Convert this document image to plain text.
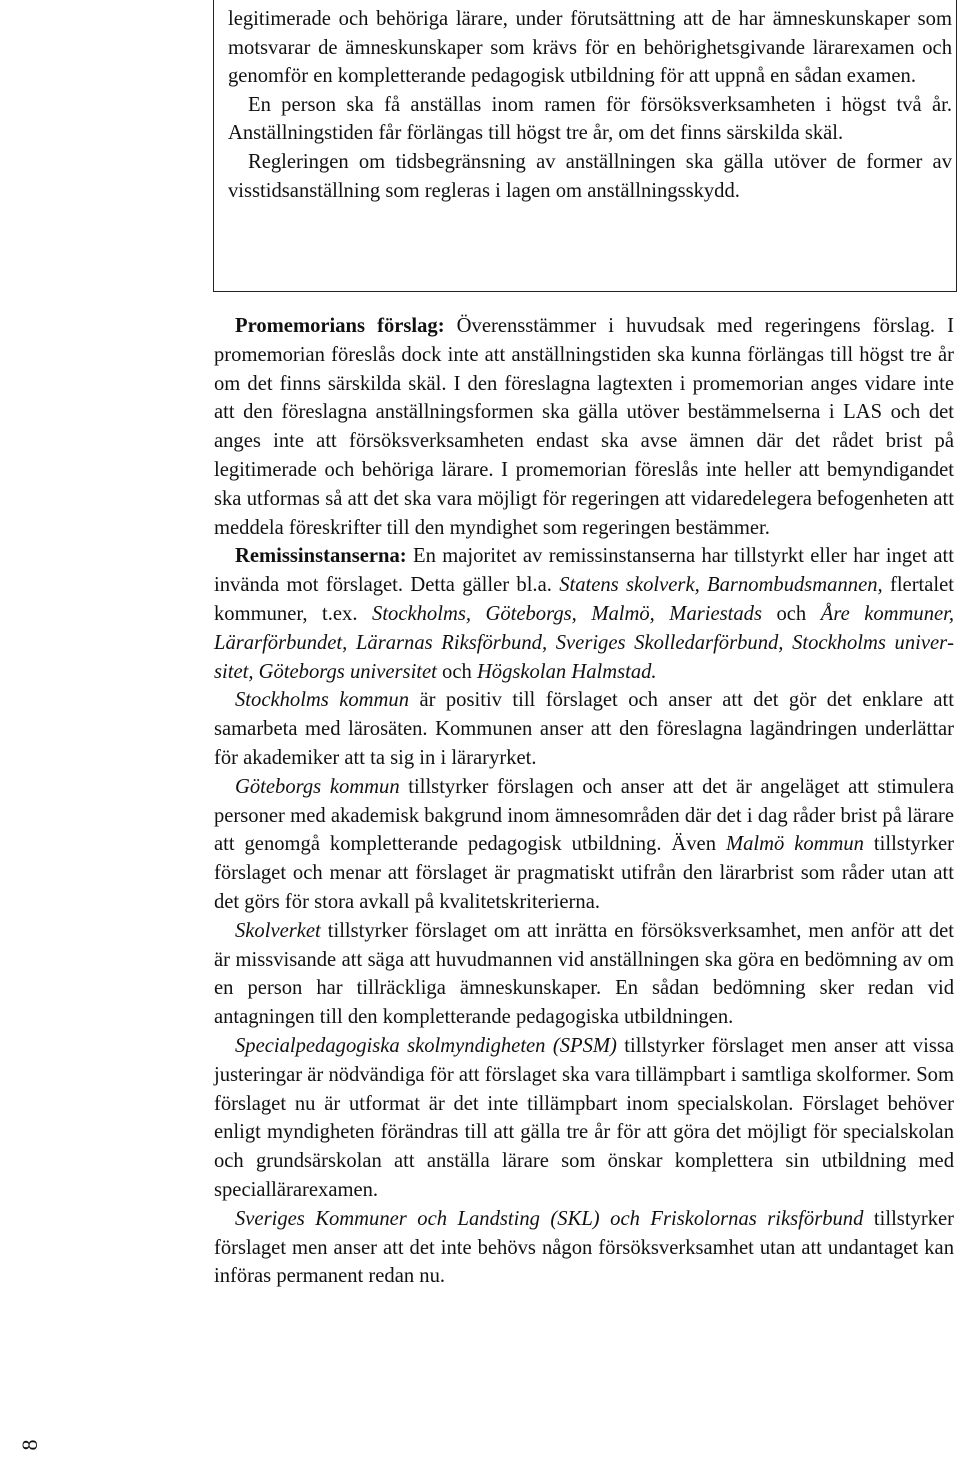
legitimerade och behöriga lärare, under förutsättning att de har ämneskunskaper som motsvarar de ämneskunskaper som krävs för en behörighetsgivande lärarexamen och genomför en kompletterande pedagogisk utbildning för att uppnå en sådan examen.

En person ska få anställas inom ramen för försöksverksamheten i högst två år. Anställningstiden får förlängas till högst tre år, om det finns särskilda skäl.

Regleringen om tidsbegränsning av anställningen ska gälla utöver de former av visstidsanställning som regleras i lagen om anställningsskydd.

Promemorians förslag: Överensstämmer i huvudsak med regeringens förslag. I promemorian föreslås dock inte att anställningstiden ska kunna förlängas till högst tre år om det finns särskilda skäl. I den föreslagna lagtexten i promemorian anges vidare inte att den föreslagna anställningsformen ska gälla utöver bestämmelserna i LAS och det anges inte att försöksverksamheten endast ska avse ämnen där det rådet brist på legitimerade och behöriga lärare. I promemorian föreslås inte heller att bemyndigandet ska utformas så att det ska vara möjligt för regeringen att vidaredelegera befogenheten att meddela föreskrifter till den myndighet som regeringen bestämmer.

Remissinstanserna: En majoritet av remissinstanserna har tillstyrkt eller har inget att invända mot förslaget. Detta gäller bl.a. Statens skolverk, Barnombudsmannen, flertalet kommuner, t.ex. Stockholms, Göteborgs, Malmö, Mariestads och Åre kommuner, Lärarförbundet, Lärarnas Riksförbund, Sveriges Skolledarförbund, Stockholms universitet, Göteborgs universitet och Högskolan Halmstad.

Stockholms kommun är positiv till förslaget och anser att det gör det enklare att samarbeta med lärosäten. Kommunen anser att den föreslagna lagändringen underlättar för akademiker att ta sig in i läraryrket.

Göteborgs kommun tillstyrker förslagen och anser att det är angeläget att stimulera personer med akademisk bakgrund inom ämnesområden där det i dag råder brist på lärare att genomgå kompletterande pedagogisk utbildning. Även Malmö kommun tillstyrker förslaget och menar att förslaget är pragmatiskt utifrån den lärarbrist som råder utan att det görs för stora avkall på kvalitetskriterierna.

Skolverket tillstyrker förslaget om att inrätta en försöksverksamhet, men anför att det är missvisande att säga att huvudmannen vid anställningen ska göra en bedömning av om en person har tillräckliga ämneskunskaper. En sådan bedömning sker redan vid antagningen till den kompletterande pedagogiska utbildningen.

Specialpedagogiska skolmyndigheten (SPSM) tillstyrker förslaget men anser att vissa justeringar är nödvändiga för att förslaget ska vara tillämpbart i samtliga skolformer. Som förslaget nu är utformat är det inte tillämpbart inom specialskolan. Förslaget behöver enligt myndigheten förändras till att gälla tre år för att göra det möjligt för specialskolan och grundsärskolan att anställa lärare som önskar komplettera sin utbildning med speciallärarexamen.

Sveriges Kommuner och Landsting (SKL) och Friskolornas riksförbund tillstyrker förslaget men anser att det inte behövs någon försöksverksamhet utan att undantaget kan införas permanent redan nu.

8
